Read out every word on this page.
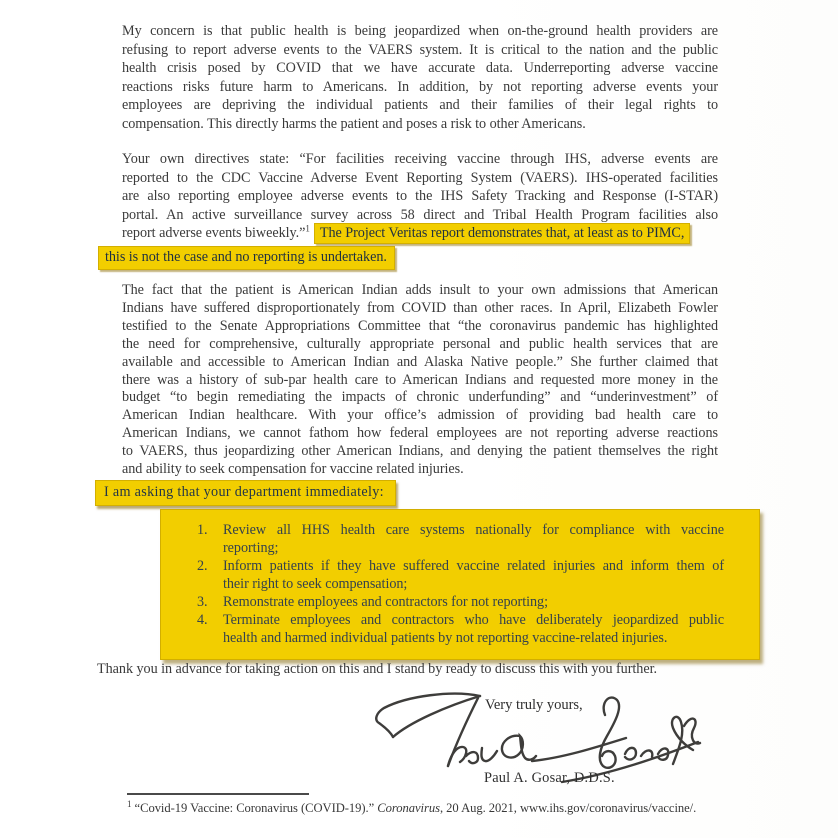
My concern is that public health is being jeopardized when on-the-ground health providers are
refusing to report adverse events to the VAERS system. It is critical to the nation and the public
health crisis posed by COVID that we have accurate data. Underreporting adverse vaccine
reactions risks future harm to Americans. In addition, by not reporting adverse events your
employees are depriving the individual patients and their families of their legal rights to
compensation. This directly harms the patient and poses a risk to other Americans.
Your own directives state: “For facilities receiving vaccine through IHS, adverse events are
reported to the CDC Vaccine Adverse Event Reporting System (VAERS). IHS-operated facilities
are also reporting employee adverse events to the IHS Safety Tracking and Response (I-STAR)
portal. An active surveillance survey across 58 direct and Tribal Health Program facilities also
report adverse events biweekly.”$^1$ The Project Veritas report demonstrates that, at least as to PIMC,
this is not the case and no reporting is undertaken.
The fact that the patient is American Indian adds insult to your own admissions that American
Indians have suffered disproportionately from COVID than other races. In April, Elizabeth Fowler
testified to the Senate Appropriations Committee that “the coronavirus pandemic has highlighted
the need for comprehensive, culturally appropriate personal and public health services that are
available and accessible to American Indian and Alaska Native people.” She further claimed that
there was a history of sub-par health care to American Indians and requested more money in the
budget “to begin remediating the impacts of chronic underfunding” and “underinvestment” of
American Indian healthcare. With your office’s admission of providing bad health care to
American Indians, we cannot fathom how federal employees are not reporting adverse reactions
to VAERS, thus jeopardizing other American Indians, and denying the patient themselves the right
and ability to seek compensation for vaccine related injuries.
I am asking that your department immediately:
1.	Review all HHS health care systems nationally for compliance with vaccine
reporting;
2.	Inform patients if they have suffered vaccine related injuries and inform them of
their right to seek compensation;
3.	Remonstrate employees and contractors for not reporting;
4.	Terminate employees and contractors who have deliberately jeopardized public
health and harmed individual patients by not reporting vaccine-related injuries.
Thank you in advance for taking action on this and I stand by ready to discuss this with you further.
Very truly yours,
Paul A. Gosar, D.D.S.
$^1$ “Covid-19 Vaccine: Coronavirus (COVID-19).” Coronavirus, 20 Aug. 2021, www.ihs.gov/coronavirus/vaccine/.
